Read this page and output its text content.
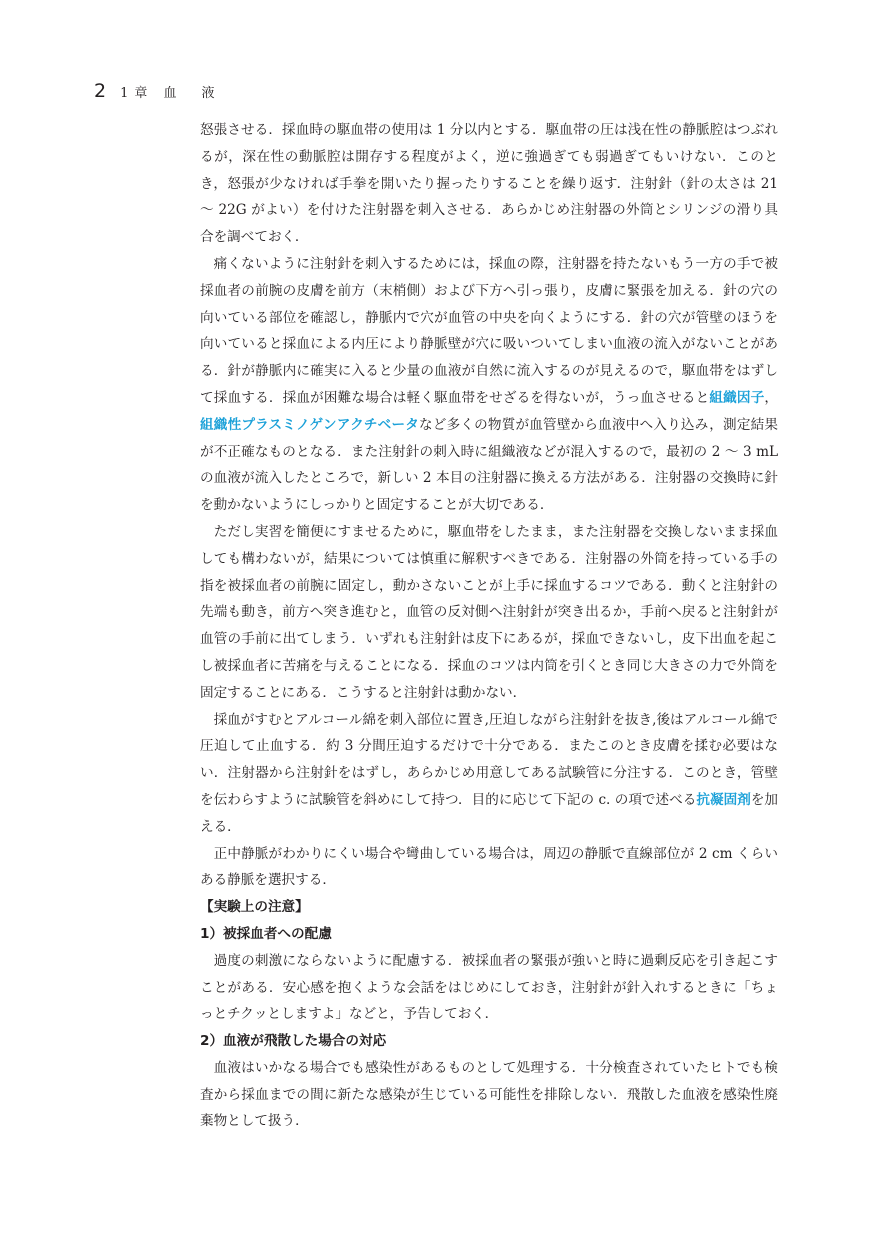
2 1章 血　液

怒張させる．採血時の駆血帯の使用は 1 分以内とする．駆血帯の圧は浅在性の静脈腔はつぶれるが，深在性の動脈腔は開存する程度がよく，逆に強過ぎても弱過ぎてもいけない．このとき，怒張が少なければ手拳を開いたり握ったりすることを繰り返す．注射針（針の太さは 21 ～ 22G がよい）を付けた注射器を刺入させる．あらかじめ注射器の外筒とシリンジの滑り具合を調べておく．

痛くないように注射針を刺入するためには，採血の際，注射器を持たないもう一方の手で被採血者の前腕の皮膚を前方（末梢側）および下方へ引っ張り，皮膚に緊張を加える．針の穴の向いている部位を確認し，静脈内で穴が血管の中央を向くようにする．針の穴が管壁のほうを向いていると採血による内圧により静脈壁が穴に吸いついてしまい血液の流入がないことがある．針が静脈内に確実に入ると少量の血液が自然に流入するのが見えるので，駆血帯をはずして採血する．採血が困難な場合は軽く駆血帯をせざるを得ないが，うっ血させると組織因子，組織性プラスミノゲンアクチベータなど多くの物質が血管壁から血液中へ入り込み，測定結果が不正確なものとなる．また注射針の刺入時に組織液などが混入するので，最初の 2 ～ 3 mL の血液が流入したところで，新しい 2 本目の注射器に換える方法がある．注射器の交換時に針を動かないようにしっかりと固定することが大切である．

ただし実習を簡便にすませるために，駆血帯をしたまま，また注射器を交換しないまま採血しても構わないが，結果については慎重に解釈すべきである．注射器の外筒を持っている手の指を被採血者の前腕に固定し，動かさないことが上手に採血するコツである．動くと注射針の先端も動き，前方へ突き進むと，血管の反対側へ注射針が突き出るか，手前へ戻ると注射針が血管の手前に出てしまう．いずれも注射針は皮下にあるが，採血できないし，皮下出血を起こし被採血者に苦痛を与えることになる．採血のコツは内筒を引くとき同じ大きさの力で外筒を固定することにある．こうすると注射針は動かない．

採血がすむとアルコール綿を刺入部位に置き,圧迫しながら注射針を抜き,後はアルコール綿で圧迫して止血する．約 3 分間圧迫するだけで十分である．またこのとき皮膚を揉む必要はない．注射器から注射針をはずし，あらかじめ用意してある試験管に分注する．このとき，管壁を伝わらすように試験管を斜めにして持つ．目的に応じて下記の c. の項で述べる抗凝固剤を加える．

正中静脈がわかりにくい場合や彎曲している場合は，周辺の静脈で直線部位が 2 cm くらいある静脈を選択する．

【実験上の注意】
1）被採血者への配慮

過度の刺激にならないように配慮する．被採血者の緊張が強いと時に過剰反応を引き起こすことがある．安心感を抱くような会話をはじめにしておき，注射針が針入れするときに「ちょっとチクッとしますよ」などと，予告しておく．

2）血液が飛散した場合の対応

血液はいかなる場合でも感染性があるものとして処理する．十分検査されていたヒトでも検査から採血までの間に新たな感染が生じている可能性を排除しない．飛散した血液を感染性廃棄物として扱う．
